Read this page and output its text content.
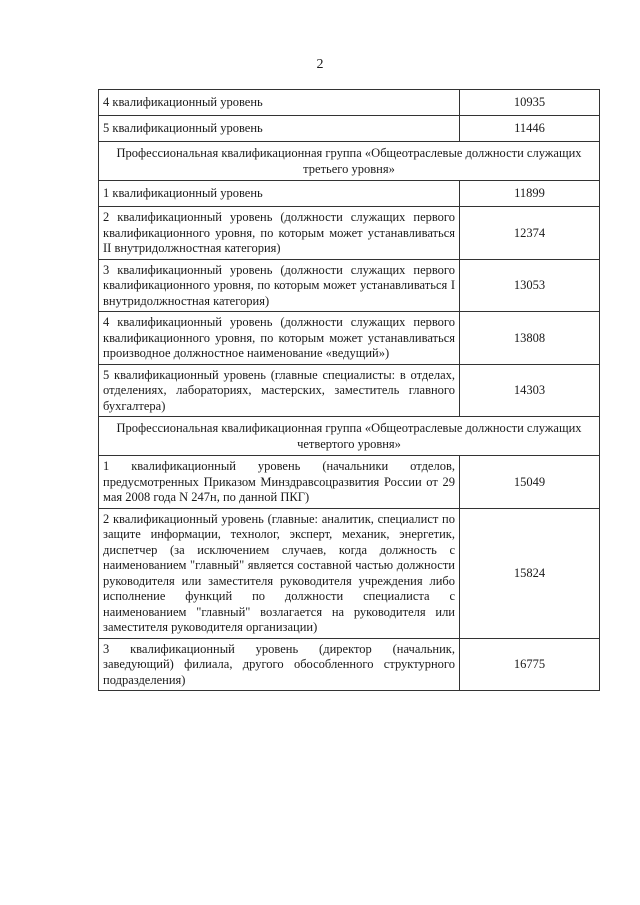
2
4 квалификационный уровень	10935
5 квалификационный уровень	11446
Профессиональная квалификационная группа «Общеотраслевые должности служащих третьего уровня»	
1 квалификационный уровень	11899
2 квалификационный уровень (должности служащих первого квалификационного уровня, по которым может устанавливаться II внутридолжностная категория)	12374
3 квалификационный уровень (должности служащих первого квалификационного уровня, по которым может устанавливаться I внутридолжностная категория)	13053
4 квалификационный уровень (должности служащих первого квалификационного уровня, по которым может устанавливаться производное должностное наименование «ведущий»)	13808
5 квалификационный уровень (главные специалисты: в отделах, отделениях, лабораториях, мастерских, заместитель главного бухгалтера)	14303
Профессиональная квалификационная группа «Общеотраслевые должности служащих четвертого уровня»	
1 квалификационный уровень (начальники отделов, предусмотренных Приказом Минздравсоцразвития России от 29 мая 2008 года N 247н, по данной ПКГ)	15049
2 квалификационный уровень (главные: аналитик, специалист по защите информации, технолог, эксперт, механик, энергетик, диспетчер (за исключением случаев, когда должность с наименованием "главный" является составной частью должности руководителя или заместителя руководителя учреждения либо исполнение функций по должности специалиста с наименованием "главный" возлагается на руководителя или заместителя руководителя организации)	15824
3 квалификационный уровень (директор (начальник, заведующий) филиала, другого обособленного структурного подразделения)	16775
